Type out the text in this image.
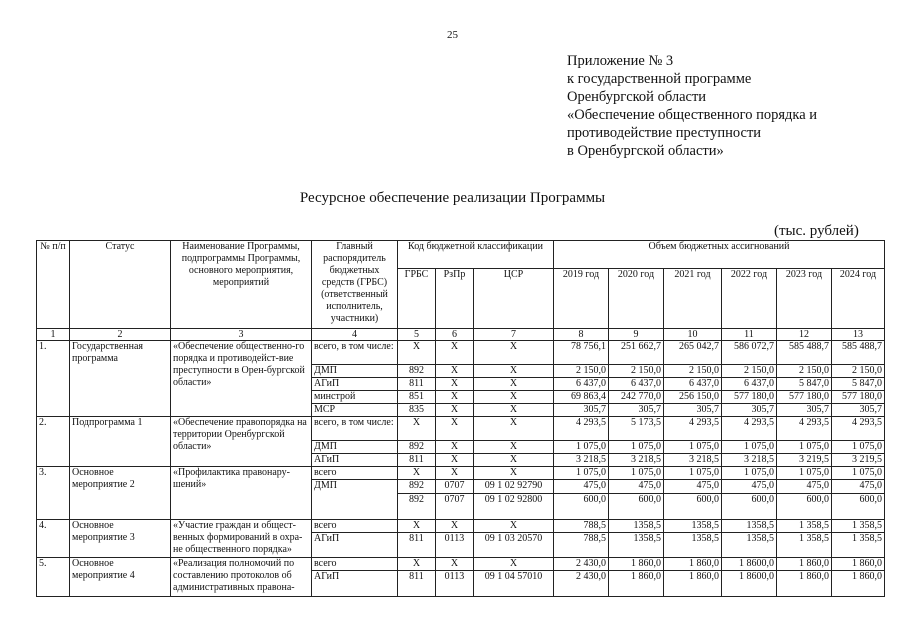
25
Приложение № 3
к государственной программе
Оренбургской области
«Обеспечение общественного порядка и
противодействие преступности
в Оренбургской области»
Ресурсное обеспечение реализации Программы
(тыс. рублей)
№ п/п	Статус	Наименование Программы, подпрограммы Программы, основного мероприятия, мероприятий	Главный распорядитель бюджетных средств (ГРБС) (ответственный исполнитель, участники)	Код бюджетной классификации			Объем бюджетных ассигнований					
				ГРБС	РзПр	ЦСР	2019 год	2020 год	2021 год	2022 год	2023 год	2024 год
1	2	3	4	5	6	7	8	9	10	11	12	13
1.	Государственная программа	«Обеспечение общественно-го порядка и противодейст-вие преступности в Орен-бургской области»	всего, в том числе:	Х	Х	Х	78 756,1	251 662,7	265 042,7	586 072,7	585 488,7	585 488,7
			ДМП	892	Х	Х	2 150,0	2 150,0	2 150,0	2 150,0	2 150,0	2 150,0
			АГиП	811	Х	Х	6 437,0	6 437,0	6 437,0	6 437,0	5 847,0	5 847,0
			минстрой	851	Х	Х	69 863,4	242 770,0	256 150,0	577 180,0	577 180,0	577 180,0
			МСР	835	Х	Х	305,7	305,7	305,7	305,7	305,7	305,7
2.	Подпрограмма 1	«Обеспечение правопорядка на территории Оренбургской области»	всего, в том числе:	Х	Х	Х	4 293,5	5 173,5	4 293,5	4 293,5	4 293,5	4 293,5
			ДМП	892	Х	Х	1 075,0	1 075,0	1 075,0	1 075,0	1 075,0	1 075,0
			АГиП	811	Х	Х	3 218,5	3 218,5	3 218,5	3 218,5	3 219,5	3 219,5
3.	Основное мероприятие 2	«Профилактика правонару-шений»	всего	Х	Х	Х	1 075,0	1 075,0	1 075,0	1 075,0	1 075,0	1 075,0
			ДМП	892	0707	09 1 02 92790	475,0	475,0	475,0	475,0	475,0	475,0
				892	0707	09 1 02 92800	600,0	600,0	600,0	600,0	600,0	600,0
4.	Основное мероприятие 3	«Участие граждан и общест-венных формирований в охра-не общественного порядка»	всего	Х	Х	Х	788,5	1358,5	1358,5	1358,5	1 358,5	1 358,5
			АГиП	811	0113	09 1 03 20570	788,5	1358,5	1358,5	1358,5	1 358,5	1 358,5
5.	Основное мероприятие 4	«Реализация полномочий по составлению протоколов об административных правона-	всего	Х	Х	Х	2 430,0	1 860,0	1 860,0	1 8600,0	1 860,0	1 860,0
			АГиП	811	0113	09 1 04 57010	2 430,0	1 860,0	1 860,0	1 8600,0	1 860,0	1 860,0
